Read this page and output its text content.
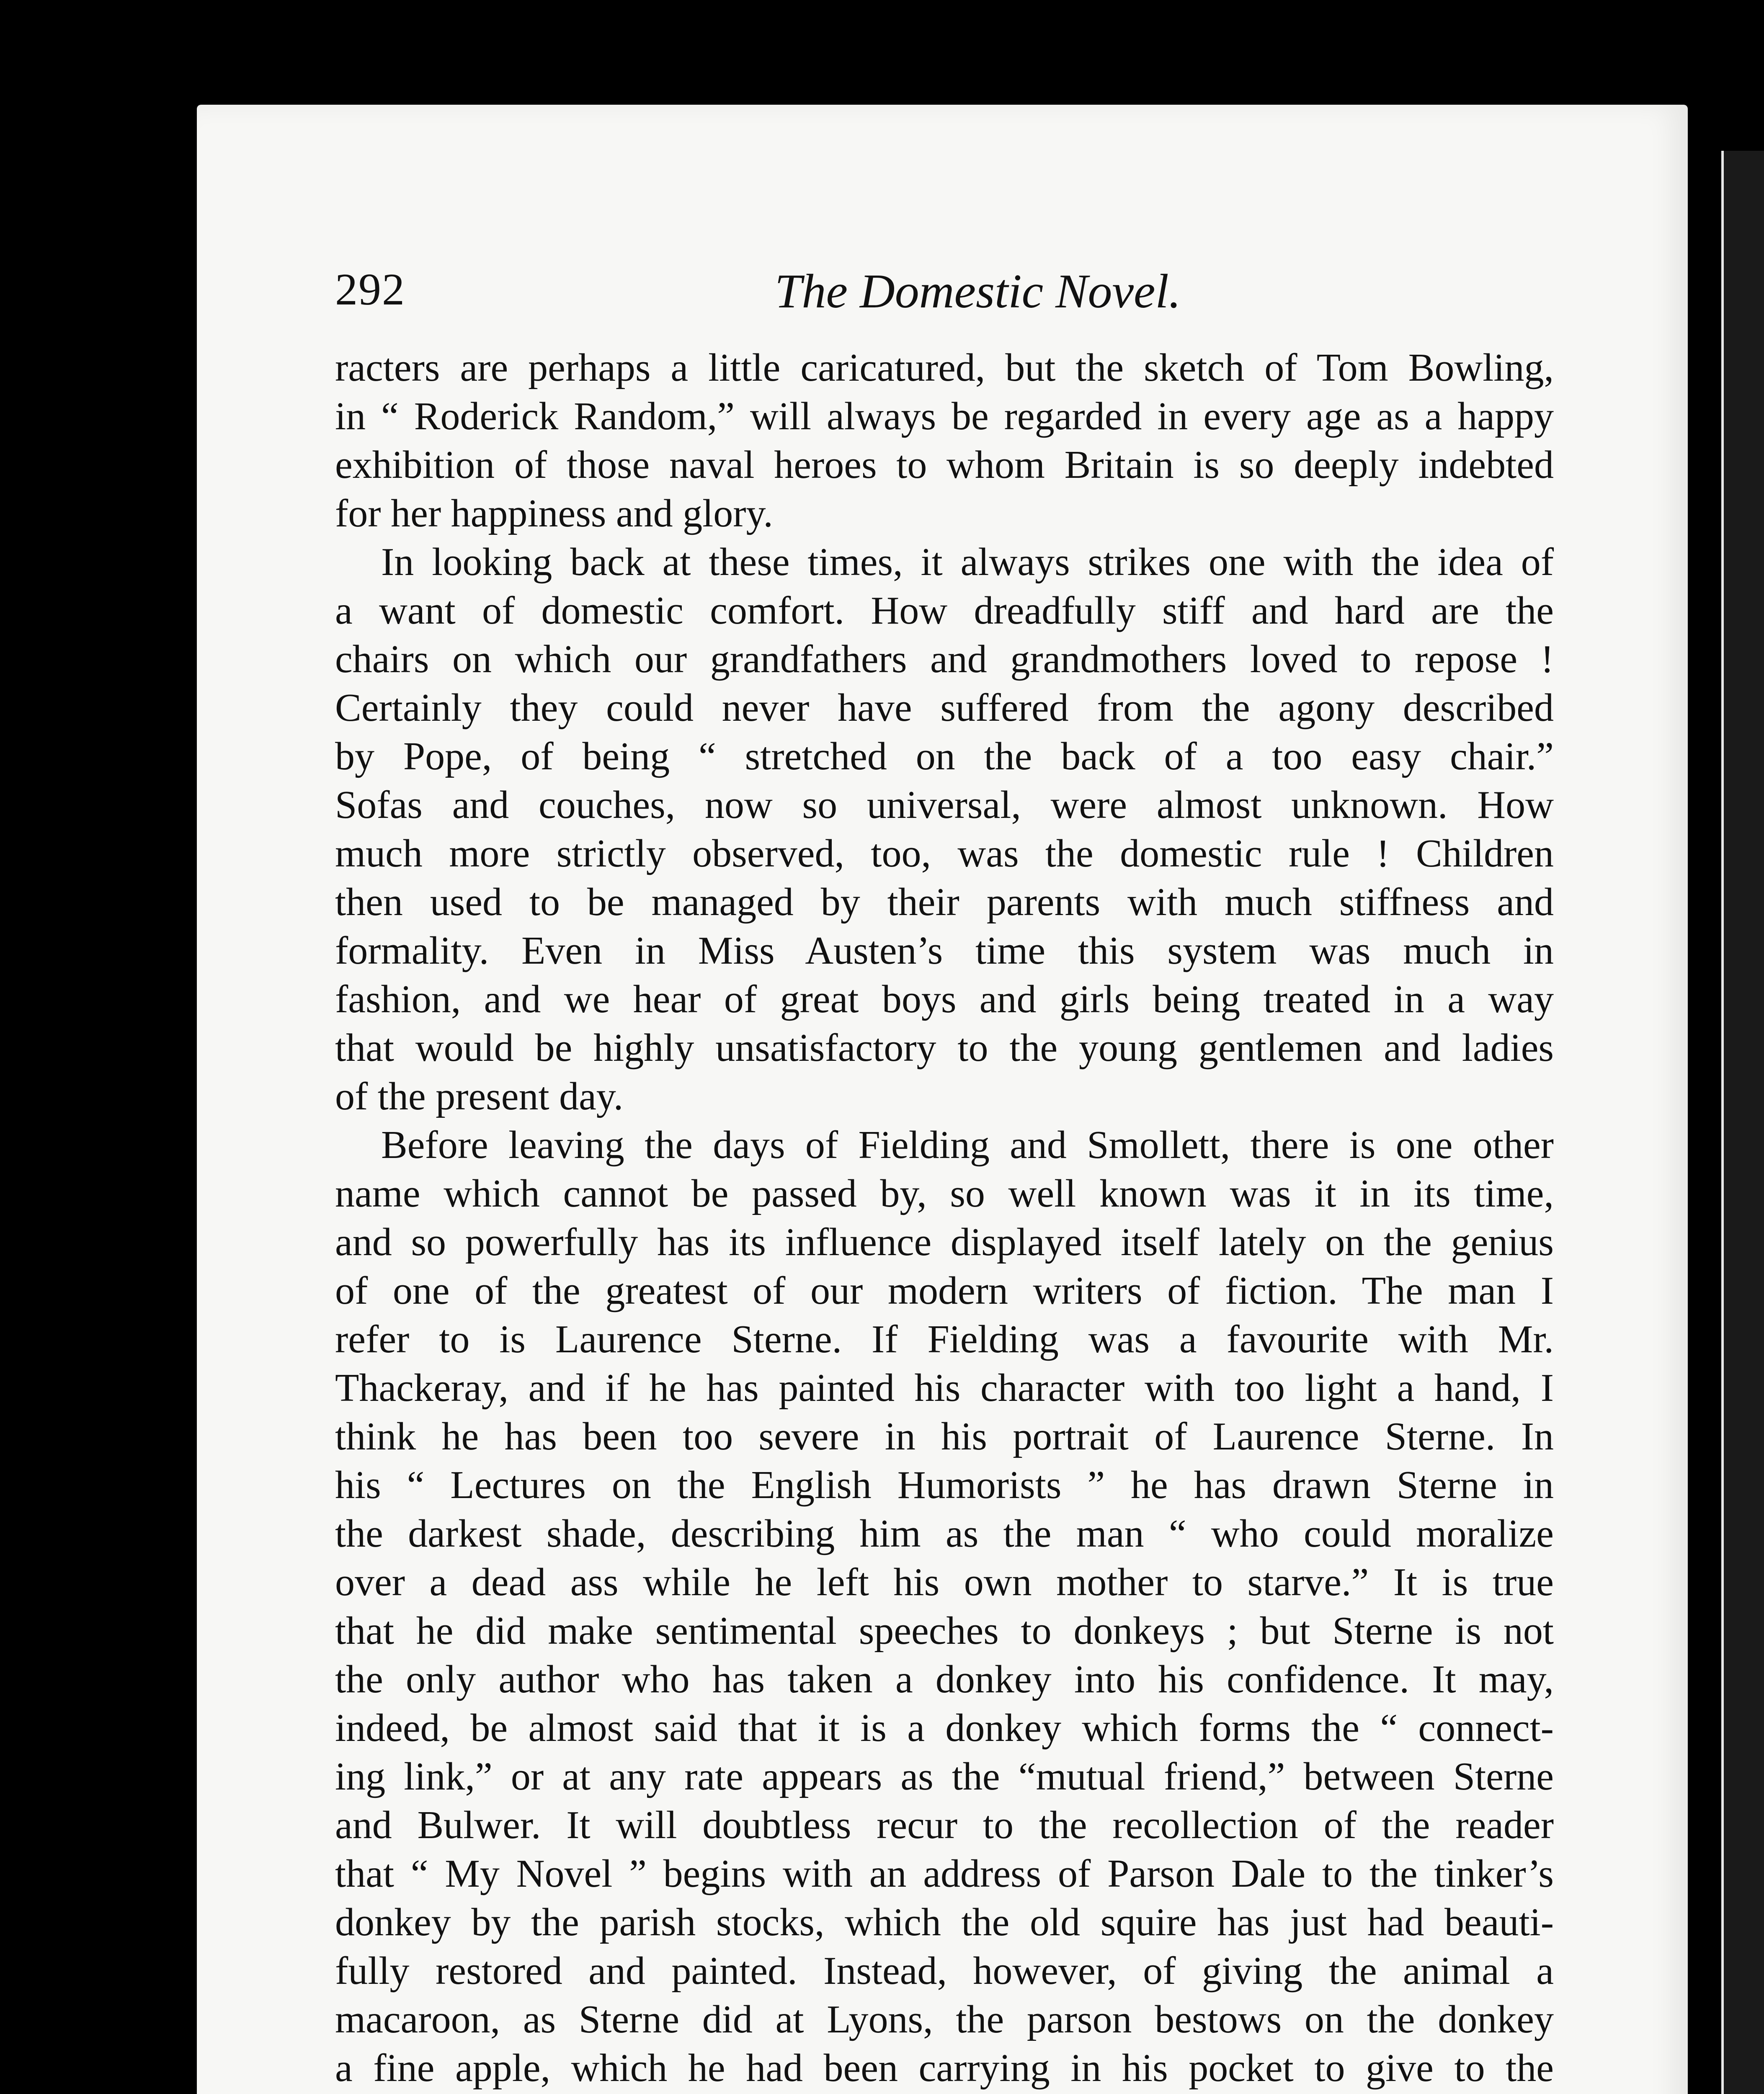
292	The Domestic Novel.
racters are perhaps a little caricatured, but the sketch of Tom Bowling,
in “ Roderick Random,” will always be regarded in every age as a happy
exhibition of those naval heroes to whom Britain is so deeply indebted
for her happiness and glory.
In looking back at these times, it always strikes one with the idea of
a want of domestic comfort. How dreadfully stiff and hard are the
chairs on which our grandfathers and grandmothers loved to repose !
Certainly they could never have suffered from the agony described
by Pope, of being “ stretched on the back of a too easy chair.”
Sofas and couches, now so universal, were almost unknown. How
much more strictly observed, too, was the domestic rule ! Children
then used to be managed by their parents with much stiffness and
formality. Even in Miss Austen’s time this system was much in
fashion, and we hear of great boys and girls being treated in a way
that would be highly unsatisfactory to the young gentlemen and ladies
of the present day.
Before leaving the days of Fielding and Smollett, there is one other
name which cannot be passed by, so well known was it in its time,
and so powerfully has its influence displayed itself lately on the genius
of one of the greatest of our modern writers of fiction. The man I
refer to is Laurence Sterne. If Fielding was a favourite with Mr.
Thackeray, and if he has painted his character with too light a hand, I
think he has been too severe in his portrait of Laurence Sterne. In
his “ Lectures on the English Humorists ” he has drawn Sterne in
the darkest shade, describing him as the man “ who could moralize
over a dead ass while he left his own mother to starve.” It is true
that he did make sentimental speeches to donkeys ; but Sterne is not
the only author who has taken a donkey into his confidence. It may,
indeed, be almost said that it is a donkey which forms the “ connect-
ing link,” or at any rate appears as the “mutual friend,” between Sterne
and Bulwer. It will doubtless recur to the recollection of the reader
that “ My Novel ” begins with an address of Parson Dale to the tinker’s
donkey by the parish stocks, which the old squire has just had beauti-
fully restored and painted. Instead, however, of giving the animal a
macaroon, as Sterne did at Lyons, the parson bestows on the donkey
a fine apple, which he had been carrying in his pocket to give to the
